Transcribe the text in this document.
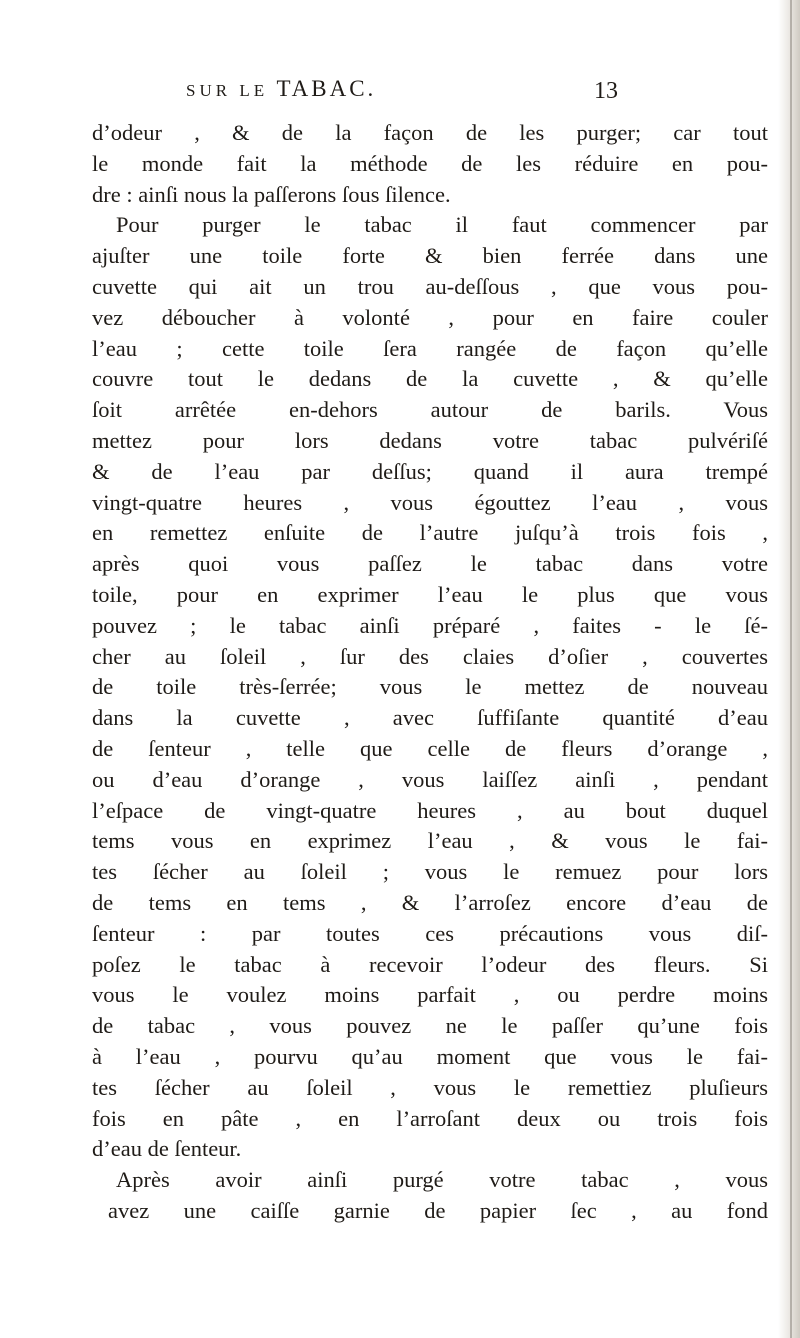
SUR LE TABAC.	13
d’odeur , & de la façon de les purger; car tout
le monde fait la méthode de les réduire en pou-
dre : ainſi nous la paſſerons ſous ſilence.
Pour purger le tabac il faut commencer par
ajuſter une toile forte & bien ferrée dans une
cuvette qui ait un trou au-deſſous , que vous pou-
vez déboucher à volonté , pour en faire couler
l’eau ; cette toile ſera rangée de façon qu’elle
couvre tout le dedans de la cuvette , & qu’elle
ſoit arrêtée en-dehors autour de barils. Vous
mettez pour lors dedans votre tabac pulvériſé
& de l’eau par deſſus; quand il aura trempé
vingt-quatre heures , vous égouttez l’eau , vous
en remettez enſuite de l’autre juſqu’à trois fois ,
après quoi vous paſſez le tabac dans votre
toile, pour en exprimer l’eau le plus que vous
pouvez ; le tabac ainſi préparé , faites - le ſé-
cher au ſoleil , ſur des claies d’oſier , couvertes
de toile très-ſerrée; vous le mettez de nouveau
dans la cuvette , avec ſuffiſante quantité d’eau
de ſenteur , telle que celle de fleurs d’orange ,
ou d’eau d’orange , vous laiſſez ainſi , pendant
l’eſpace de vingt-quatre heures , au bout duquel
tems vous en exprimez l’eau , & vous le fai-
tes ſécher au ſoleil ; vous le remuez pour lors
de tems en tems , & l’arroſez encore d’eau de
ſenteur : par toutes ces précautions vous diſ-
poſez le tabac à recevoir l’odeur des fleurs. Si
vous le voulez moins parfait , ou perdre moins
de tabac , vous pouvez ne le paſſer qu’une fois
à l’eau , pourvu qu’au moment que vous le fai-
tes ſécher au ſoleil , vous le remettiez pluſieurs
fois en pâte , en l’arroſant deux ou trois fois
d’eau de ſenteur.
Après avoir ainſi purgé votre tabac , vous
avez une caiſſe garnie de papier ſec , au fond
